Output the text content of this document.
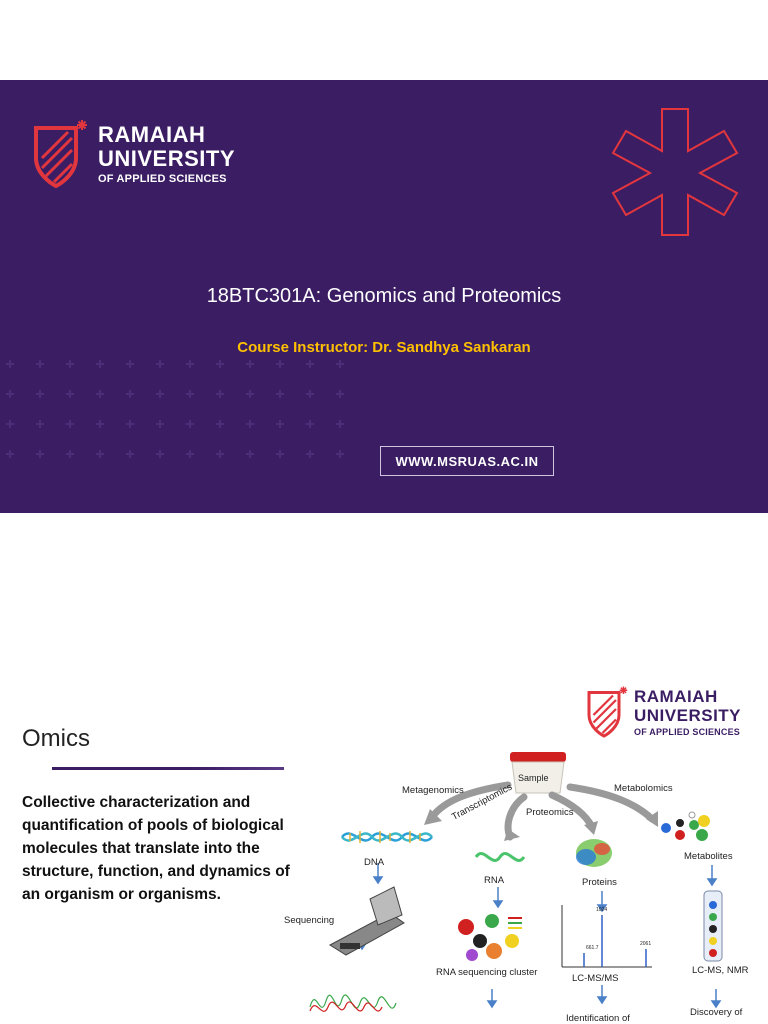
RAMAIAH
UNIVERSITY
OF APPLIED SCIENCES
18BTC301A: Genomics and Proteomics
Course Instructor: Dr. Sandhya Sankaran
WWW.MSRUAS.AC.IN
Omics
Collective characterization and quantification of pools of biological molecules that translate into the structure, function, and dynamics of an organism or organisms.
RAMAIAH
UNIVERSITY
OF APPLIED SCIENCES
Sample
Metagenomics
Transcriptomics Proteomics
Metabolomics
DNA
RNA	Proteins
Metabolites
Sequencing
RNA sequencing cluster
LC-MS/MS
LC-MS, NMR
Identification of
Discovery of
1024
661.7
2061
